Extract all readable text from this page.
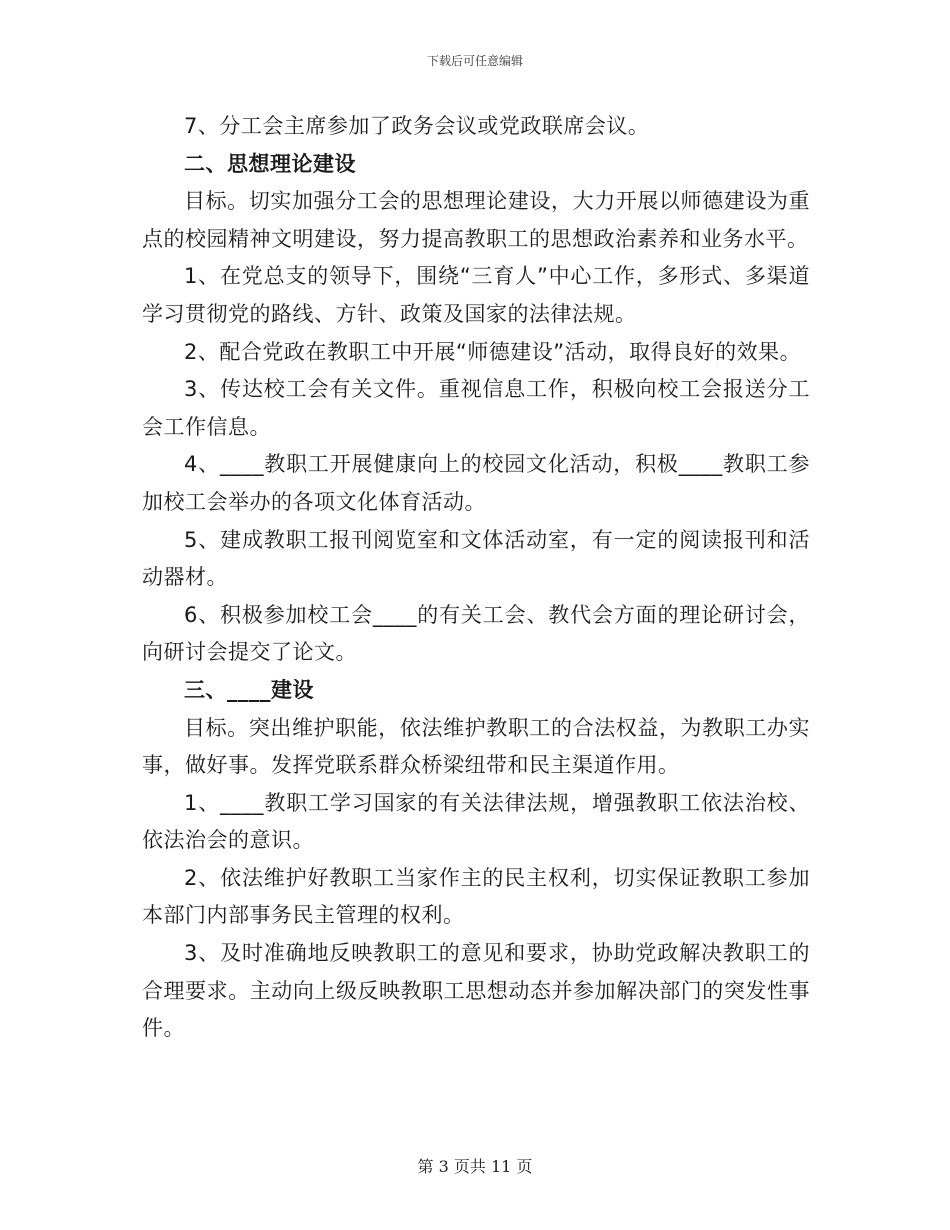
下载后可任意编辑

7、分工会主席参加了政务会议或党政联席会议。

二、思想理论建设

目标。切实加强分工会的思想理论建设，大力开展以师德建设为重点的校园精神文明建设，努力提高教职工的思想政治素养和业务水平。

1、在党总支的领导下，围绕“三育人”中心工作，多形式、多渠道学习贯彻党的路线、方针、政策及国家的法律法规。

2、配合党政在教职工中开展“师德建设”活动，取得良好的效果。

3、传达校工会有关文件。重视信息工作，积极向校工会报送分工会工作信息。

4、____教职工开展健康向上的校园文化活动，积极____教职工参加校工会举办的各项文化体育活动。

5、建成教职工报刊阅览室和文体活动室，有一定的阅读报刊和活动器材。

6、积极参加校工会____的有关工会、教代会方面的理论研讨会，向研讨会提交了论文。

三、____建设

目标。突出维护职能，依法维护教职工的合法权益，为教职工办实事，做好事。发挥党联系群众桥梁纽带和民主渠道作用。

1、____教职工学习国家的有关法律法规，增强教职工依法治校、依法治会的意识。

2、依法维护好教职工当家作主的民主权利，切实保证教职工参加本部门内部事务民主管理的权利。

3、及时准确地反映教职工的意见和要求，协助党政解决教职工的合理要求。主动向上级反映教职工思想动态并参加解决部门的突发性事件。

第 3 页共 11 页
